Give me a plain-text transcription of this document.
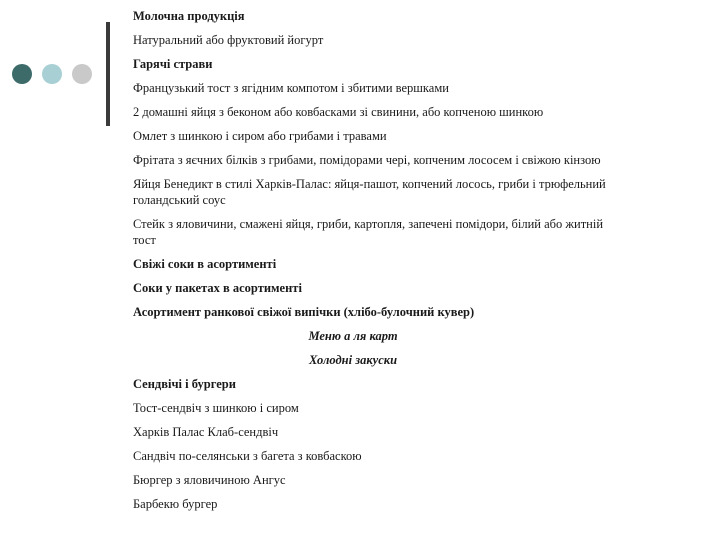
Молочна продукція

Натуральний або фруктовий йогурт

Гарячі страви

Французький тост з ягідним компотом і збитими вершками

2 домашні яйця з беконом або ковбасками зі свинини, або копченою шинкою

Омлет з шинкою і сиром або грибами і травами

Фрітата з яєчних білків з грибами, помідорами чері, копченим лососем і свіжою кінзою

Яйця Бенедикт в стилі Харків-Палас: яйця-пашот, копчений лосось, гриби і трюфельний голандський соус

Стейк з яловичини, смажені яйця, гриби, картопля, запечені помідори, білий або житній тост

Свіжі соки в асортименті

Соки у пакетах в асортименті

Асортимент ранкової свіжої випічки (хлібо-булочний кувер)

Меню а ля карт

Холодні закуски

Сендвічі і бургери

Тост-сендвіч з шинкою і сиром

Харків Палас Клаб-сендвіч

Сандвіч по-селянськи з багета з ковбаскою

Бюргер з яловичиною Ангус

Барбекю бургер
